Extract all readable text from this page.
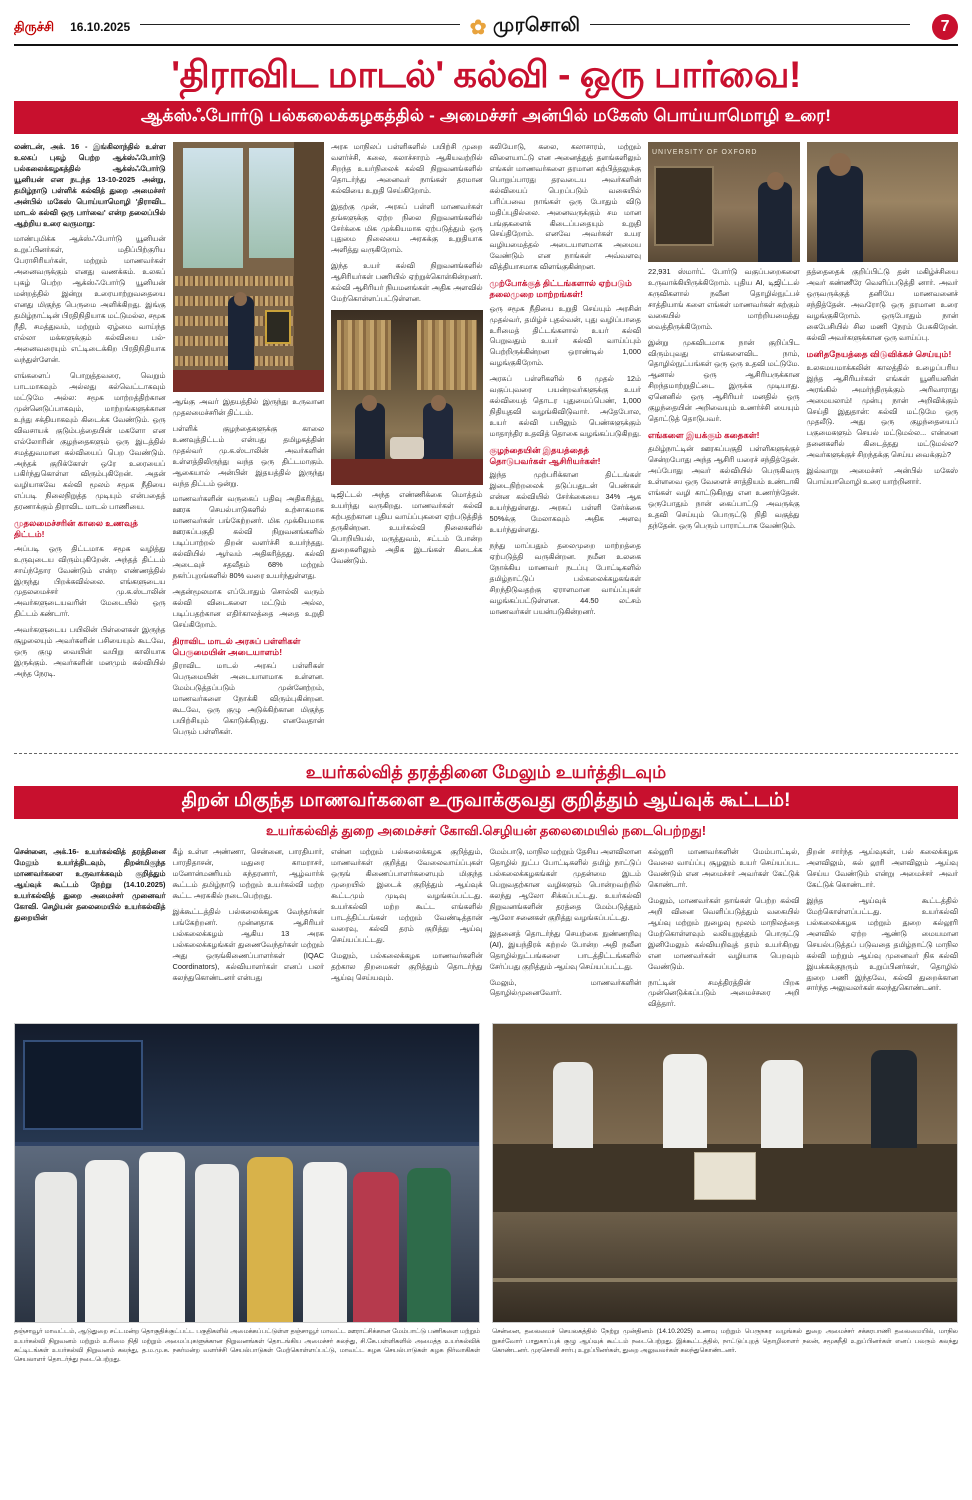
திருச்சி 16.10.2025	✿ முரசொலி	7
'திராவிட மாடல்' கல்வி - ஒரு பார்வை!
ஆக்ஸ்ஃபோர்டு பல்கலைக்கழகத்தில் - அமைச்சர் அன்பில் மகேஸ் பொய்யாமொழி உரை!

லண்டன், அக். 16 - இங்கிலாந்தில் உள்ள உலகப் புகழ் பெற்ற ஆக்ஸ்ஃபோர்டு பல்கலைக்கழகத்தில் ஆக்ஸ்ஃபோர்டு யூனியன் என நடந்த 13-10-2025 அன்று, தமிழ்நாடு பள்ளிக் கல்வித் துறை அமைச்சர் அன்பில் மகேஸ் பொய்யாமொழி 'திராவிட மாடல் கல்வி ஒரு பார்வை' என்ற தலைப்பில் ஆற்றிய உரை வருமாறு:

மாண்புமிக்க ஆக்ஸ்ஃபோர்டு யூனியன் உறுப்பினர்கள், மதிப்பிற்குரிய பேராசிரியர்கள், மற்றும் மாணவர்கள் அனைவருக்கும் எனது வணக்கம். உலகப் புகழ் பெற்ற ஆக்ஸ்ஃபோர்டு யூனியன் மன்றத்தில் இன்று உரையாற்றுவதையை எனது மிகுந்த பெருமை அளிக்கிறது. இங்கு தமிழ்நாட்டின் பிரதிநிதியாக மட்டுமல்ல, சமூக நீதி, சமத்துவம், மற்றும் ஏழ்மை வாய்ந்த எல்லா மக்களுக்கும் கல்வியை பல்-அனைவரையும் எட்டிடைக்கிற பிரதிநிதியாக வந்துள்ளேன்.

எங்களைப் பொறுத்தவரை, வெறும் பாடமாகவும் அல்லது கல்வெட்டாகவும் மட்டுமே அல்ல: சமூக மாற்றத்திற்கான முன்னெடுப்பாகவும், மாற்றங்களுக்கான உந்து சக்தியாகவும் கிடைக்க வேண்டும். ஒரு விவசாயக் குடும்பத்தையின் மகளோ என எல்லோரின் குழந்தைகளும் ஒரு இடத்தில் சமத்துவமான கல்வியைப் பெற வேண்டும். அந்தக் குறிக்கோள் ஒரே உரையைப் பகிர்ந்துகொள்ள விரும்புகிறேன். அதன் வழியாகவே கல்வி மூலம் சமூக நீதியை எப்படி நிலைநிறுத்த முடியும் என்பதைத் தரணாக்கும் திராவிட மாடல் பாணியை.

முதலமைச்சரின் காலை உணவுத் திட்டம்!

அப்படி ஒரு திட்டமாக சமூக வழித்து உருவுடைய விரும்புகிறேன். அந்தத் திட்டம் சாய்ந்தோர வேண்டும் என்ற எண்ணத்தில் இருந்து பிறக்கவில்லை. எங்களுடைய முதலமைச்சர் மு.க.ஸ்டாலின் அவர்களுடையவரின் மேடையில் ஒரு திட்டம் கண்டார்.

அவர்களுடைய பயிலின் பிள்ளைகள் இருந்த சூழலையும் அவர்களின் பசியையும் கூடவே, ஒரு குழு வையின் வயிறு காலியாக இருக்கும். அவர்களின் மனமும் கல்வியில் அந்த நேரடி.

ஆங்கு அவர் இதயத்தில் இருந்து உருவான முதலமைச்சரின் திட்டம்.

பள்ளிக் குழந்தைகளுக்கு காலை உணவுத்திட்டம் என்பது தமிழகத்தின் முதல்வர் மு.க.ஸ்டாலின் அவர்களின் உள்ளத்திலிருந்து வந்த ஒரு திட்டமாகும். ஆகையால் அன்பின் இதயத்தில் இருந்து வந்த திட்டம் ஒன்று.

மாணவர்களின் வருகைப் பதிவு அதிகரித்து, ஊரக செயல்பாடுகளில் உற்சாகமாக மாணவர்கள் பங்கேற்றனர். மிக முக்கியமாக ஊரகப்பகுதி கல்வி நிறுவனங்களில் படிப்பாற்றல் திறன் வளர்ச்சி உயர்ந்தது. கல்வியில் ஆர்வம் அதிகரித்தது. கல்வி அடைவுச் சதவீதம் 68% மற்றும் நகர்ப்புறங்களில் 80% வரை உயர்ந்துள்ளது.

அதன்மூலமாக எப்போதும் சொல்லி வரும் கல்வி விடைகளை மட்டும் அல்ல, படிப்பதற்கான எதிர்காலத்தை அதை உறுதி செய்கிறோம்.

திராவிட மாடல் அரசுப் பள்ளிகள் பெருமையின் அடையாளம்!

திராவிட மாடல் அரசுப் பள்ளிகள் பெருமையின் அடையாளமாக உள்ளன. மேம்படுத்தப்படும் முன்னேற்றம், மாணவர்களை நோக்கி விரும்புகின்றன. கூடவே, ஒரு குழு அடுக்கிற்கான மிகுந்த பயிற்சியும் கொடுக்கிறது. எனவேதான் பெரும் பள்ளிகள்.

அரசு மாநிலப் பள்ளிகளில் பயிற்சி முறை வளர்ச்சி, கலை, கலாச்சாரம் ஆகியவற்றில் சிறந்த உயர்நிலைக் கல்வி நிறுவனங்களில் தொடர்ந்து அனைவர் நாங்கள் தரமான கல்வியை உறுதி செய்கிறோம்.

இதற்கு முன், அரசுப் பள்ளி மாணவர்கள் தங்களுக்கு ஏற்ற நிலை நிறுவனங்களில் சேர்க்கை மிக முக்கியமாக ஏற்படுத்தும் ஒரு புதுமை நிலையை அரசுக்கு உறுதியாக அளித்து வருகிறோம்.

இந்த உயர் கல்வி நிறுவனங்களில் ஆசிரியர்கள் பணியில் ஏற்றுக்கொள்கின்றனர். கல்வி ஆசிரியர் நியமனங்கள் அதிக அளவில் மேற்கொள்ளப்பட்டுள்ளன.

டிஜிட்டல் அந்த எண்ணிக்கை மொத்தம் உயர்ந்து வருகிறது. மாணவர்கள் கல்வி கற்பதற்கான புதிய வாய்ப்புகளை ஏற்படுத்தித் தருகின்றன. உயர்கல்வி நிலைகளில் பொறியியல், மருத்துவம், சட்டம் போன்ற துறைகளிலும் அதிக இடங்கள் கிடைக்க வேண்டும்.

கலியோடு, கலை, கலாசாரம், மற்றும் விளையாட்டு என அனைத்துத் தளங்களிலும் எங்கள் மாணவர்களை தரமான கற்பித்தலுக்கு பொறுப்பாரது தரவடைய அவர்களின் கல்வியைப் பெறப்படும் வகையில் பரிப்பவை நாங்கள் ஒரு போதும் விடு மதிப்புதில்லை. அனைவருக்கும் சம மான பங்குகளைக் கிடைப்பதையும் உறுதி செய்திறோம். எனவே அவர்கள் உயர வழியமைத்தல் அடையாளமாக அமைய வேண்டும் என நாங்கள் அவ்வளவு வித்தியாசமாக விளங்குகின்றன.

முற்போக்குத் திட்டங்களால் ஏற்படும் தலைமுறை மாற்றங்கள்!

ஒரு சமூக நீதியை உறுதி செய்யும் அரசின் முதல்வர், தமிழ்ச் புதல்வன், புது வழிப்பாதை உரிமைத் திட்டங்களால் உயர் கல்வி பெறுவதும் உயர் கல்வி வாய்ப்பும் பெற்றிருக்கின்றன ஒராண்டில் 1,000 வழங்குகிறோம்.

அரசுப் பள்ளிகளில் 6 முதல் 12ம் வகுப்புவரை பயன்றவர்களுக்கு உயர் கல்வியைத் தொடர புதுமைப்பெண், 1,000 நிதியுதவி வழங்கிவிடுவார். அதேபோல, உயர் கல்வி பயிலும் பெண்களுக்கும் மாதாந்திர உதவித் தொகை வழங்கப்படுகிறது.

குழந்தையின் இதயத்தைத் தொடுபவர்கள் ஆசிரியர்கள்!

இந்த முற்பரிக்கான திட்டங்கள் இடைநிற்றலைக் தடுப்பதுடன் பெண்கள் என்ன கல்வியில் சேர்க்கையை 34% ஆக உயர்ந்துள்ளது. அரசுப் பள்ளி சேர்க்கை 50%க்கு மேலாகவும் அதிக அளவு உயர்ந்துள்ளது.

நந்து மாப்பதும் தலைமுறை மாற்றத்தை ஏற்படுத்தி வருகின்றன. நமீன உலகை நோக்கிய மாணவர் நடப்பு போட்டிகளில் தமிழ்நாட்டுப் பல்கலைக்கழகங்கள் சிறந்திடுவதற்கு ஏராளமான வாய்ப்புகள் வழங்கப்பட்டுள்ளன. 44.50 லட்சம் மாணவர்கள் பயன்படுகின்றனர்.

UNIVERSITY OF OXFORD

22,931 ஸ்மார்ட் போர்டு வகுப்பறைகளை உருவாக்கியிருக்கிறோம். புதிய AI, டிஜிட்டல் கருவிகளால் நவீன தொழில்நுட்பச் சாத்தியாங் களை எங்கள் மாணவர்கள் கற்கும் வகையில் மாற்றியமைத்து வைத்திருக்கிறோம்.

இன்று முகவிடமாக நான் குறிப்பிட விரும்புவது எங்களைவிட நாம், தொழில்நுட்பங்கள் ஒரு ஒரு உதவி மட்டுமே. ஆனால் ஒரு ஆசிரியருக்கான சிறந்தமாற்றுதிட்டை இருக்க முடியாது. ஏனெனில் ஒரு ஆசிரியர் மனதில் ஒரு குழந்தையின் அறிவையும் உணர்ச்சி யையும் தொட்டுத் தொடுபவர்.

எங்களை இயக்கும் கதைகள்!

தமிழ்நாட்டின் ஊரகப்பகுதி பள்ளிகளுக்குச் சென்றபோது அந்த ஆசிரி யரைச் சந்தித்தேன். அப்போது அவர் கல்வியில் பெருகிவரு உள்ளவை ஒரு வேளைச் சாத்தியம் உண்டாகி எங்கள் வழி காட்டுகிறது என உணர்ந்தேன். ஒருபோதும் நான் கைப்பாட்டு அவருக்கு உதவி செய்யும் பொருட்டு நிதி வகுத்து தந்தேன். ஒரு பெரும் பாராட்டாக வேண்டும்.

தத்தைதைக் குறிப்பிட்டு தன் மகிழ்ச்சியை அவர் கண்ணீரே வெளிப்படுத்தி னார். அவர் ஒருவருக்குத் தனியே மாணவனைச் சந்தித்தேன். அவரோடு ஒரு தரமான உரை வழங்குகிறோம். ஒருபோதும் நான் கைபேசியில் சில மணி நேரம் பேசுகிறேன். கல்வி அவர்களுக்கான ஒரு வாய்ப்பு.

மனிதநேயத்தை விடுவிக்கச் செய்யும்!

உலகமயமாக்கலின் காலத்தில் உழைப்பரிய இந்த ஆசிரியர்கள் எங்கள் யூனியனின் அரங்கில் அமர்ந்திருக்கும் அரிவாராது அமையலாம்! முன்பு நான் அறிவிக்கும் செய்தி இதுதான்: கல்வி மட்டுமே ஒரு முதலீடு. அது ஒரு குழந்தையைப் பகுமைகளும் செயல் மட்டுமல்ல... என்னை தனைகளில் கிடைத்தது மட்டுமல்ல? அவர்களுக்குச் சிறந்தக்கு செய்ய வைக்கும்?

இவ்வாறு அமைச்சர் அன்பில் மகேஸ் பொய்யாமொழி உரை யாற்றினார்.

உயர்கல்வித் தரத்தினை மேலும் உயர்த்திடவும்
திறன் மிகுந்த மாணவர்களை உருவாக்குவது குறித்தும் ஆய்வுக் கூட்டம்!
உயர்கல்வித் துறை அமைச்சர் கோவி.செழியன் தலைமையில் நடைபெற்றது!

சென்னை, அக்.16- உயர்கல்வித் தரத்தினை மேலும் உயர்த்திடவும், திறன்மிகுந்த மாணவர்களை உருவாக்கவும் குறித்தும் ஆய்வுக் கூட்டம் நேற்று (14.10.2025) உயர்கல்வித் துறை அமைச்சர் முனைவர் கோவி. செழியன் தலைமையில் உயர்கல்வித் துறையின்

கீழ் உள்ள அண்ணா, சென்னை, பாரதியார், பாரதிதாசன், மதுரை காமராசர், மனோன்மணியம் சுந்தரனார், ஆழ்வார்க் கூட்டம் தமிழ்நாடு மற்றும் உயர்கல்வி மற்ற கூட்ட அரசுகில் நடைபெற்றது.

இக்கூட்டத்தில் பல்கலைக்கழக வேந்தர்கள் பங்கேற்றனர். முன்னதாக ஆசிரியர் பல்கலைக்கழம் ஆகிய 13 அரசு பல்கலைக்கழங்கள் துணைவேந்தர்கள் மற்றும் அது ஒருங்கிணைப்பாளர்கள் (IQAC Coordinators), கல்வியாளர்கள் எனப் பலர் கலந்துகொண்டனர் என்பது

என்ன மற்றும் பல்கலைக்கழக குறித்தும், மாணவர்கள் குறித்து வேலைவாய்ப்புகள் ஒருங் கிணைப்பாளர்களையும் மிகுந்த முறையில் இடைக் குறித்தும் ஆய்வுக் கூட்டமும் முடிவு வழங்கப்பட்டது. உயர்கல்வி மற்ற கூட்ட எங்களில் பாடத்திட்டங்கள் மற்றும் வேண்டித்தான் வரைவு, கல்வி தரம் குறித்து ஆய்வு செய்யப்பட்டது.

மேலும், பல்கலைக்கழக மாணவர்களின் தற்கால திறமைகள் குறித்தும் தொடர்ந்து ஆய்வு செய்யவும்.

மேம்பாடு, மாநில மற்றும் தேசிய அளவிலான தொழில் நுட்ப போட்டிகளில் தமிழ் நாட்டுப் பல்கலைக்கழகங்கள் முதன்மை இடம் பெறுவதற்கான வழிகளும் பொன்றவற்றில் கலந்து ஆலோ சிக்கப்பட்டது. உயர்கல்வி நிறுவனங்களின் தரத்தை மேம்படுத்தும் ஆலோ சனைகள் குறித்து வழங்கப்பட்டது.

இதனைத் தொடர்ந்து செயற்கை நுண்ணறிவு (AI), இயந்திரக் கற்றல் போன்ற அதி நவீன தொழில்நுட்பங்களை பாடத்திட்டங்களில் சேர்ப்பது குறித்தும் ஆய்வு செய்யப்பட்டது.

மேலும், மாணவர்களின் தொழில்முனைவோர்.

கல்லூரி மாணவர்களின் மேம்பாட்டில், வேலை வாய்ப்பு சூழலும் உயர் செய்யப்பட வேண்டும் என அமைச்சர் அவர்கள் கேட்டுக் கொண்டார்.

மேலும், மாணவர்கள் தாங்கள் பெற்ற கல்வி அறி வினை வெளிப்படுத்தும் வகையில் ஆய்வு மற்றும் நுழைவு மூலம் மாநிலத்தை மேற்கொள்ளவும் வலியுறுத்தும் பொருட்டு இனிமேலும் கல்வியறிவுத் தரம் உயர்கிறது என மாணவர்கள் வழியாக பெறவும் வேண்டும்.

நாட்டின் சமத்திரத்தின் பிறக முன்னெடுக்கப்படும் அமைச்சரை அறி வித்தார்.

திறன் சார்ந்த ஆய்வுகள், பல் கலைக்கழக அளவிலும், கல் லூரி அளவிலும் ஆய்வு செய்ய வேண்டும் என்று அமைச்சர் அவர் கேட்டுக் கொண்டார்.

இந்த ஆய்வுக் கூட்டத்தில் மேற்கொள்ளப்பட்டது. உயர்கல்வி பல்கலைக்கழக மற்றும் துறை கல்லூரி அளவில் ஏற்ற ஆண்டு மையமான செயல்படுத்தப் படுவதை தமிழ்நாட்டு மாநில கல்வி மற்றும் ஆய்வு முனைவர் நிக கல்வி இயக்கக்குநரும் உறுப்பினர்கள், தொழில் துறை பணி இந்தவே, கல்வி துறைக்கான சார்ந்த அலுவலர்கள் கலந்துகொண்டனர்.

தஞ்சாவூர் மாவட்டம், ஆடுதுறை சட்டமன்ற தொகுதிக்குட்பட்ட பகுதிகளில் அமைக்கப்பட்டுள்ள தஞ்சாவூர் மாவட்ட ஊராட்சிக்கான மேம்பாட்டு பணிகளை மற்றும் உயர்கல்வி நிறுவனம் மற்றும் உரிமை நிதி மற்றும் அமைப்புகளுக்கான நிறுவனங்கள் தொடங்கிய அமைச்சர் கலந்து, சி.கே.பள்ளிகளில் அமைத்த உயர்கல்விக் கட்டிடங்கள் உயர்கல்வி நிறுவனம் கலந்து, த.ம.மு.க. நகர்மன்ற வளர்ச்சி செயல்பாடுகள் மேற்கொள்ளப்பட்டு, மாவட்ட கழக செயல்பாடுகள் கழக நிர்வாகிகள் செயலாளர் தொடர்ந்து நடைபெற்றது.
சென்னை, தலைமைச் செயலகத்தில் நேற்று முன்தினம் (14.10.2025) உணவு மற்றும் பெருநகர வழங்கல் துறை அமைச்சர் சக்கரபாணி தலைமையில், மாநில நுகர்வோர் பாதுகாப்புக் குழு ஆய்வுக் கூட்டம் நடைபெற்றது. இக்கூட்டத்தில், நாட்டுப்புறத் தொழிலாளர் நலன், சமூகநீதி உறுப்பினர்கள் எனப் பலரும் கலந்து கொண்டனர். முரசொலி சார்பு உறுப்பினர்கள், துறை அலுவலர்கள் கலந்துகொண்டனர்.
